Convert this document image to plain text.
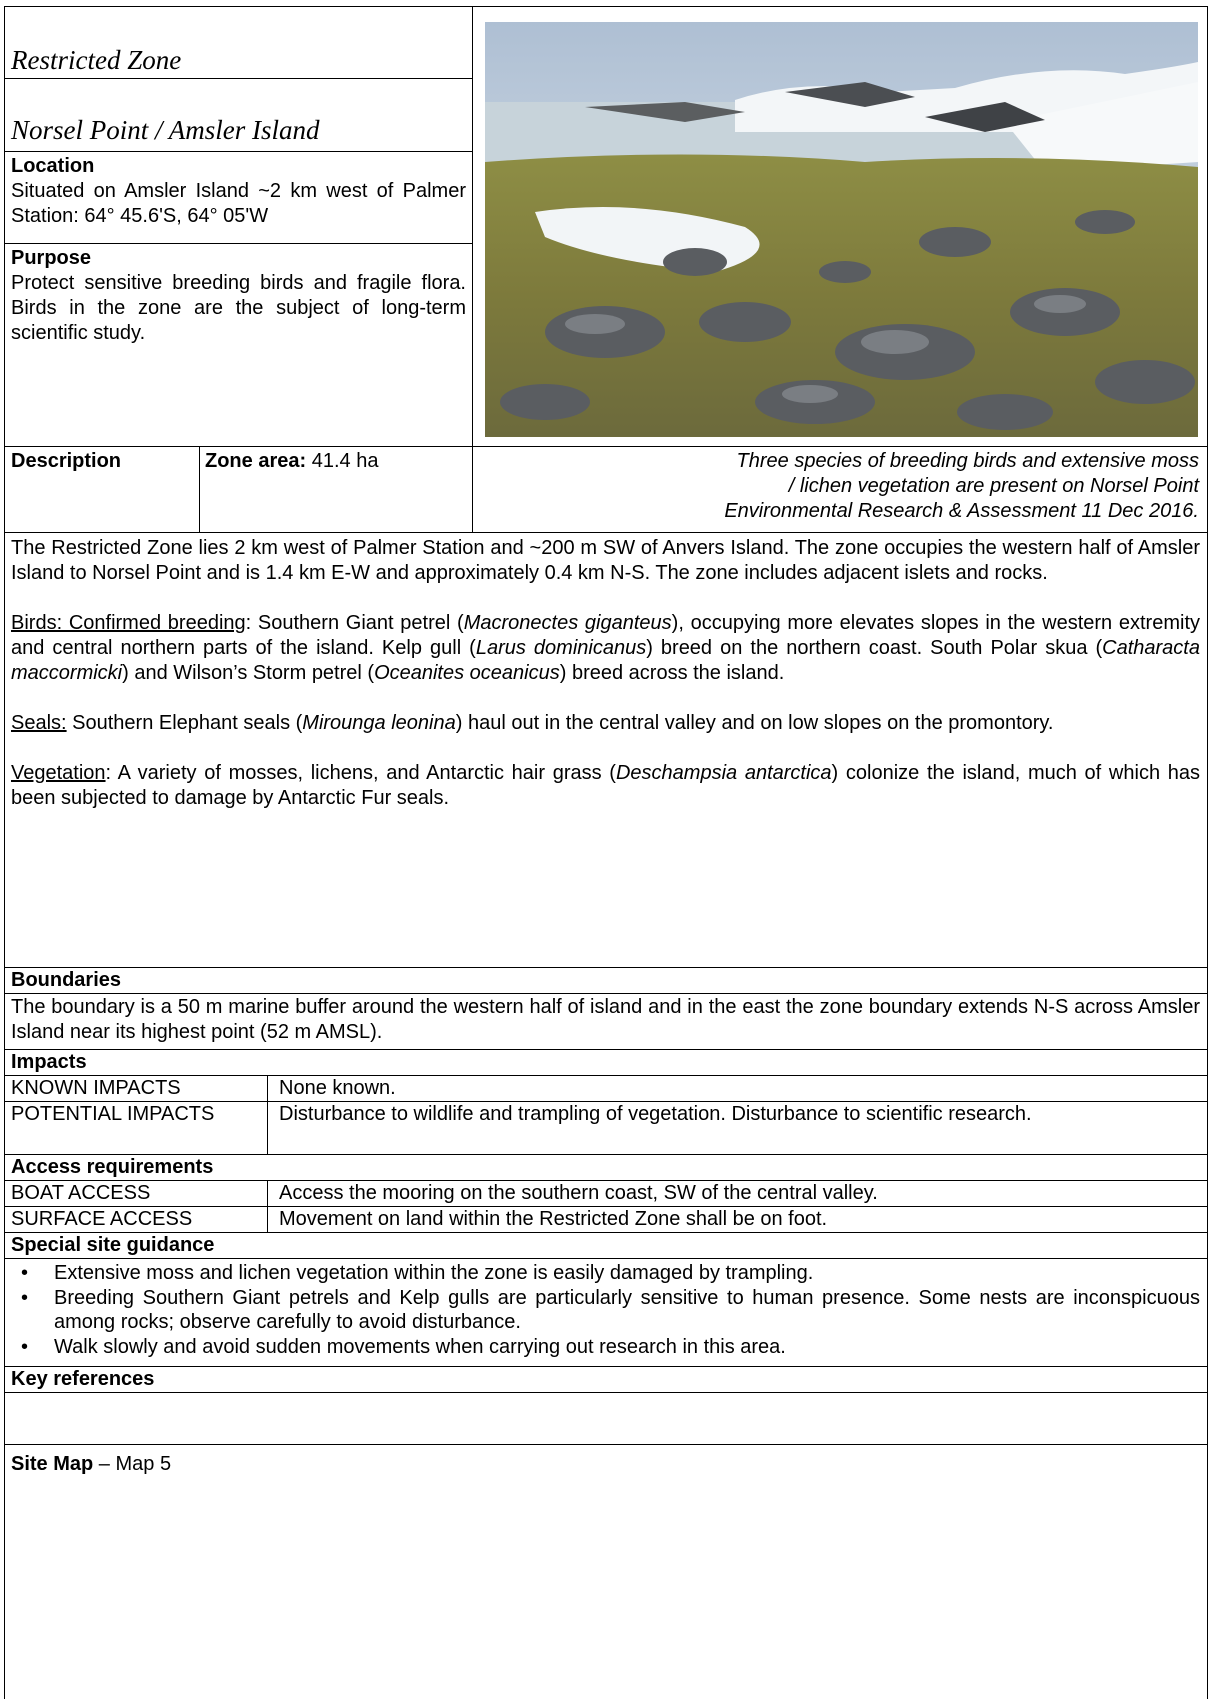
Restricted Zone
Norsel Point / Amsler Island
Location
Situated on Amsler Island ~2 km west of Palmer Station: 64° 45.6'S, 64° 05'W
Purpose
Protect sensitive breeding birds and fragile flora. Birds in the zone are the subject of long-term scientific study.
Description	Zone area: 41.4 ha	Three species of breeding birds and extensive moss
/ lichen vegetation are present on Norsel Point
Environmental Research & Assessment 11 Dec 2016.

The Restricted Zone lies 2 km west of Palmer Station and ~200 m SW of Anvers Island. The zone occupies the western half of Amsler Island to Norsel Point and is 1.4 km E-W and approximately 0.4 km N-S. The zone includes adjacent islets and rocks.

Birds: Confirmed breeding: Southern Giant petrel (Macronectes giganteus), occupying more elevates slopes in the western extremity and central northern parts of the island. Kelp gull (Larus dominicanus) breed on the northern coast. South Polar skua (Catharacta maccormicki) and Wilson’s Storm petrel (Oceanites oceanicus) breed across the island.

Seals: Southern Elephant seals (Mirounga leonina) haul out in the central valley and on low slopes on the promontory.

Vegetation: A variety of mosses, lichens, and Antarctic hair grass (Deschampsia antarctica) colonize the island, much of which has been subjected to damage by Antarctic Fur seals.

Boundaries
The boundary is a 50 m marine buffer around the western half of island and in the east the zone boundary extends N-S across Amsler Island near its highest point (52 m AMSL).
Impacts
KNOWN IMPACTS	None known.
POTENTIAL IMPACTS	Disturbance to wildlife and trampling of vegetation. Disturbance to scientific research.
Access requirements
BOAT ACCESS	Access the mooring on the southern coast, SW of the central valley.
SURFACE ACCESS	Movement on land within the Restricted Zone shall be on foot.
Special site guidance
• Extensive moss and lichen vegetation within the zone is easily damaged by trampling.
• Breeding Southern Giant petrels and Kelp gulls are particularly sensitive to human presence. Some nests are inconspicuous among rocks; observe carefully to avoid disturbance.
• Walk slowly and avoid sudden movements when carrying out research in this area.
Key references
Site Map – Map 5
